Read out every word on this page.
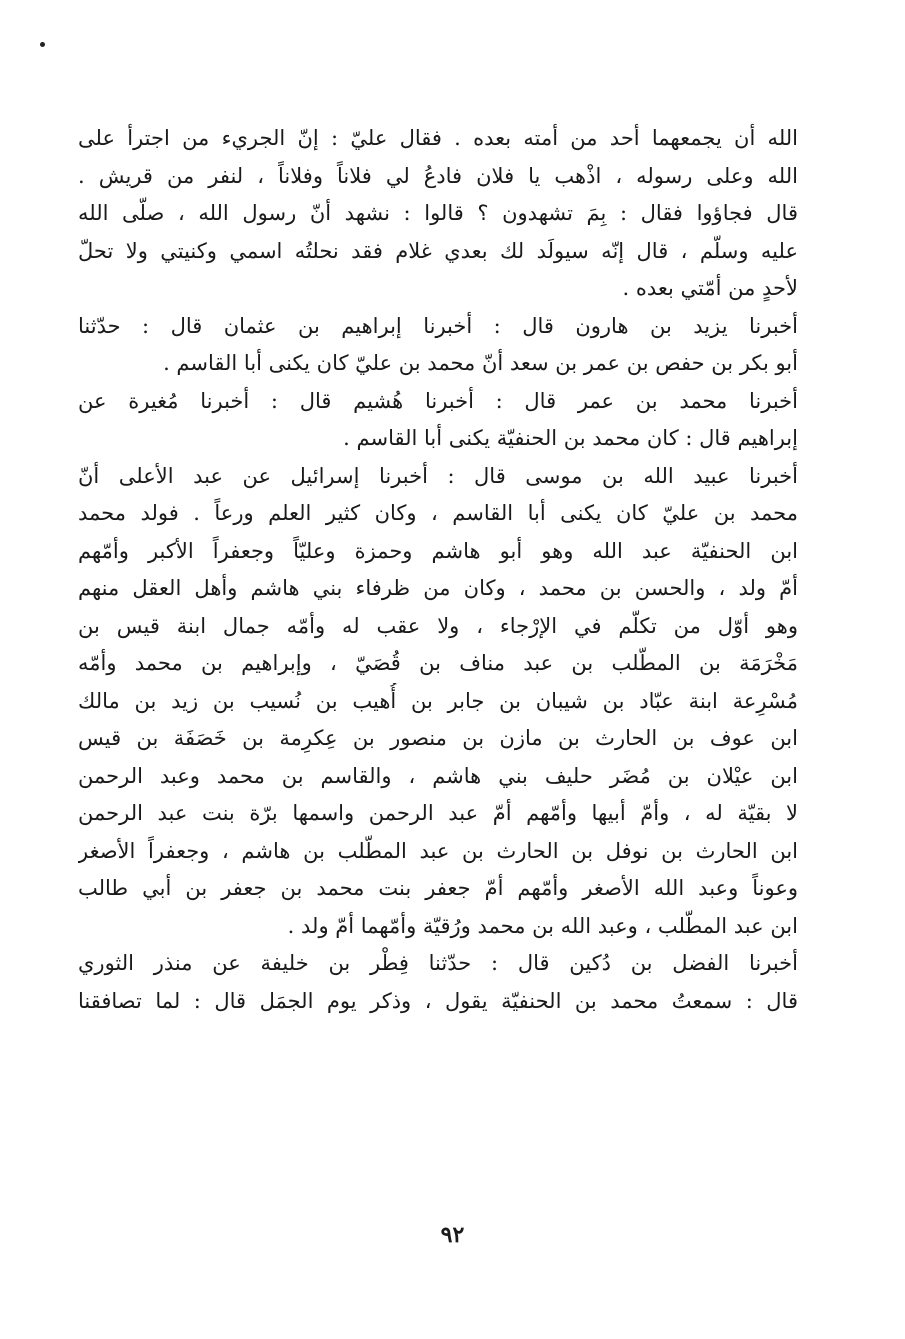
الله أن يجمعهما أحد من أمته بعده . فقال عليّ : إنّ الجريء من اجترأ على
الله وعلى رسوله ، اذْهب يا فلان فادعُ لي فلاناً وفلاناً ، لنفر من قريش .
قال فجاؤوا فقال : بِمَ تشهدون ؟ قالوا : نشهد أنّ رسول الله ، صلّى الله
عليه وسلّم ، قال إنّه سيولَد لك بعدي غلام فقد نحلتُه اسمي وكنيتي ولا تحلّ
لأحدٍ من أمّتي بعده .
أخبرنا يزيد بن هارون قال : أخبرنا إبراهيم بن عثمان قال : حدّثنا
أبو بكر بن حفص بن عمر بن سعد أنّ محمد بن عليّ كان يكنى أبا القاسم .
أخبرنا محمد بن عمر قال : أخبرنا هُشيم قال : أخبرنا مُغيرة عن
إبراهيم قال : كان محمد بن الحنفيّة يكنى أبا القاسم .
أخبرنا عبيد الله بن موسى قال : أخبرنا إسرائيل عن عبد الأعلى أنّ
محمد بن عليّ كان يكنى أبا القاسم ، وكان كثير العلم ورعاً . فولد محمد
ابن الحنفيّة عبد الله وهو أبو هاشم وحمزة وعليّاً وجعفراً الأكبر وأمّهم
أمّ ولد ، والحسن بن محمد ، وكان من ظرفاء بني هاشم وأهل العقل منهم
وهو أوّل من تكلّم في الإرْجاء ، ولا عقب له وأمّه جمال ابنة قيس بن
مَخْرَمَة بن المطّلب بن عبد مناف بن قُصَيّ ، وإبراهيم بن محمد وأمّه
مُسْرِعة ابنة عبّاد بن شيبان بن جابر بن أُهيب بن نُسيب بن زيد بن مالك
ابن عوف بن الحارث بن مازن بن منصور بن عِكرِمة بن خَصَفَة بن قيس
ابن عيْلان بن مُضَر حليف بني هاشم ، والقاسم بن محمد وعبد الرحمن
لا بقيّة له ، وأمّ أبيها وأمّهم أمّ عبد الرحمن واسمها برّة بنت عبد الرحمن
ابن الحارث بن نوفل بن الحارث بن عبد المطّلب بن هاشم ، وجعفراً الأصغر
وعوناً وعبد الله الأصغر وأمّهم أمّ جعفر بنت محمد بن جعفر بن أبي طالب
ابن عبد المطّلب ، وعبد الله بن محمد ورُقيّة وأمّهما أمّ ولد .
أخبرنا الفضل بن دُكين قال : حدّثنا فِطْر بن خليفة عن منذر الثوري
قال : سمعتُ محمد بن الحنفيّة يقول ، وذكر يوم الجمَل قال : لما تصافقنا
٩٢
